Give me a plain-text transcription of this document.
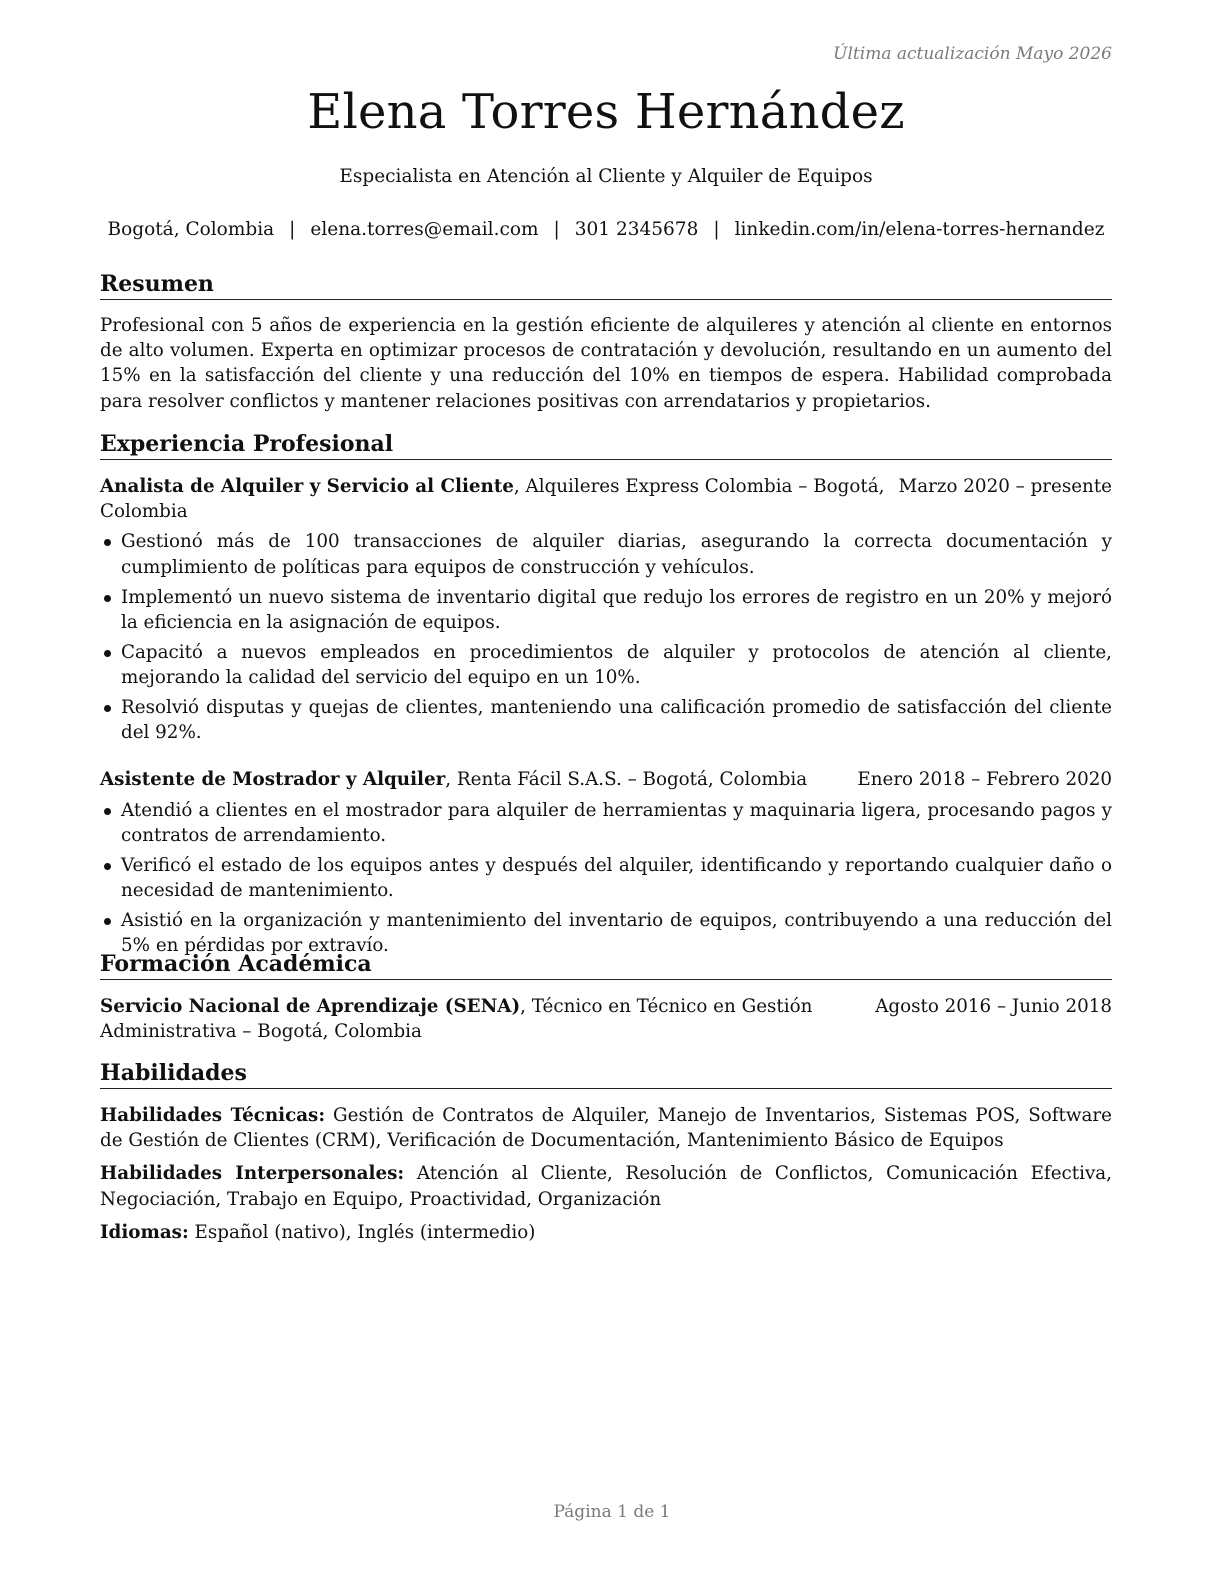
Última actualización Mayo 2026
Elena Torres Hernández
Especialista en Atención al Cliente y Alquiler de Equipos
Bogotá, Colombia | elena.torres@email.com | 301 2345678 | linkedin.com/in/elena-torres-hernandez
Resumen

Profesional con 5 años de experiencia en la gestión eficiente de alquileres y atención al cliente en entornos de alto volumen. Experta en optimizar procesos de contratación y devolución, resultando en un aumento del 15% en la satisfacción del cliente y una reducción del 10% en tiempos de espera. Habilidad comprobada para resolver conflictos y mantener relaciones positivas con arrendatarios y propietarios.

Experiencia Profesional
Analista de Alquiler y Servicio al Cliente, Alquileres Express Colombia – Bogotá, Colombia
Marzo 2020 – presente
Gestionó más de 100 transacciones de alquiler diarias, asegurando la correcta documentación y cumplimiento de políticas para equipos de construcción y vehículos.
Implementó un nuevo sistema de inventario digital que redujo los errores de registro en un 20% y mejoró la eficiencia en la asignación de equipos.
Capacitó a nuevos empleados en procedimientos de alquiler y protocolos de atención al cliente, mejorando la calidad del servicio del equipo en un 10%.
Resolvió disputas y quejas de clientes, manteniendo una calificación promedio de satisfacción del cliente del 92%.
Asistente de Mostrador y Alquiler, Renta Fácil S.A.S. – Bogotá, Colombia	Enero 2018 – Febrero 2020
Atendió a clientes en el mostrador para alquiler de herramientas y maquinaria ligera, procesando pagos y contratos de arrendamiento.
Verificó el estado de los equipos antes y después del alquiler, identificando y reportando cualquier daño o necesidad de mantenimiento.
Asistió en la organización y mantenimiento del inventario de equipos, contribuyendo a una reducción del 5% en pérdidas por extravío.
Formación Académica
Servicio Nacional de Aprendizaje (SENA), Técnico en Técnico en Gestión Administrativa – Bogotá, Colombia
Agosto 2016 – Junio 2018
Habilidades
Habilidades Técnicas: Gestión de Contratos de Alquiler, Manejo de Inventarios, Sistemas POS, Software de Gestión de Clientes (CRM), Verificación de Documentación, Mantenimiento Básico de Equipos
Habilidades Interpersonales: Atención al Cliente, Resolución de Conflictos, Comunicación Efectiva, Negociación, Trabajo en Equipo, Proactividad, Organización
Idiomas: Español (nativo), Inglés (intermedio)
Página 1 de 1
